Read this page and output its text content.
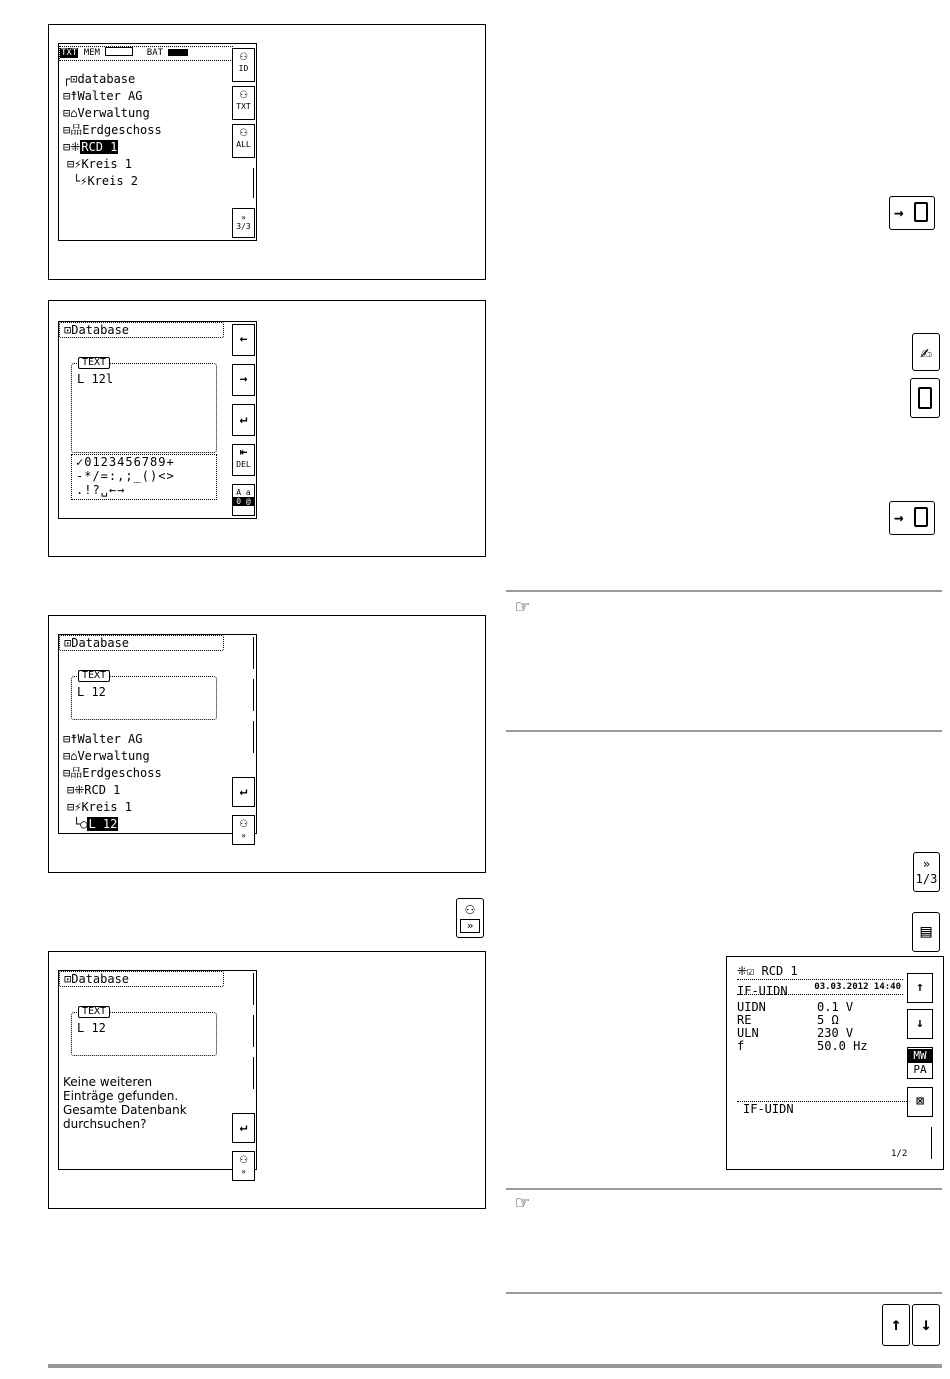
TXT MEM	BAT
┌⊡database
⊟☨Walter AG
⊟⌂Verwaltung
⊟品Erdgeschoss
⊟⁜RCD 1
⊟⚡Kreis 1
└⚡Kreis 2
⚇
ID
⚇
TXT
⚇
ALL
»
3/3
⊡Database
TEXT
L 12l
✓0123456789+
-*/=:,;_()<>
.!?␣←→
←
→
↵
⇤
DEL
A a
0 @
⊡Database
TEXT
L 12
⊟☨Walter AG
⊟⌂Verwaltung
⊟品Erdgeschoss
⊟⁜RCD 1
⊟⚡Kreis 1
└○L 12
↵
⚇
»
⚇
»
⊡Database
TEXT
L 12
Keine weiteren
Einträge gefunden.
Gesamte Datenbank
durchsuchen?	↵
⚇
»
→
✍
→
☞
»
1/3
▤
⁜☑ RCD 1
IF-UIDN	03.03.2012 14:40
UIDN	0.1 V
RE	5 Ω
ULN	230 V
f	50.0 Hz
IF-UIDN
1/2
↑
↓
MW
PA
⊠
☞
↑	↓
